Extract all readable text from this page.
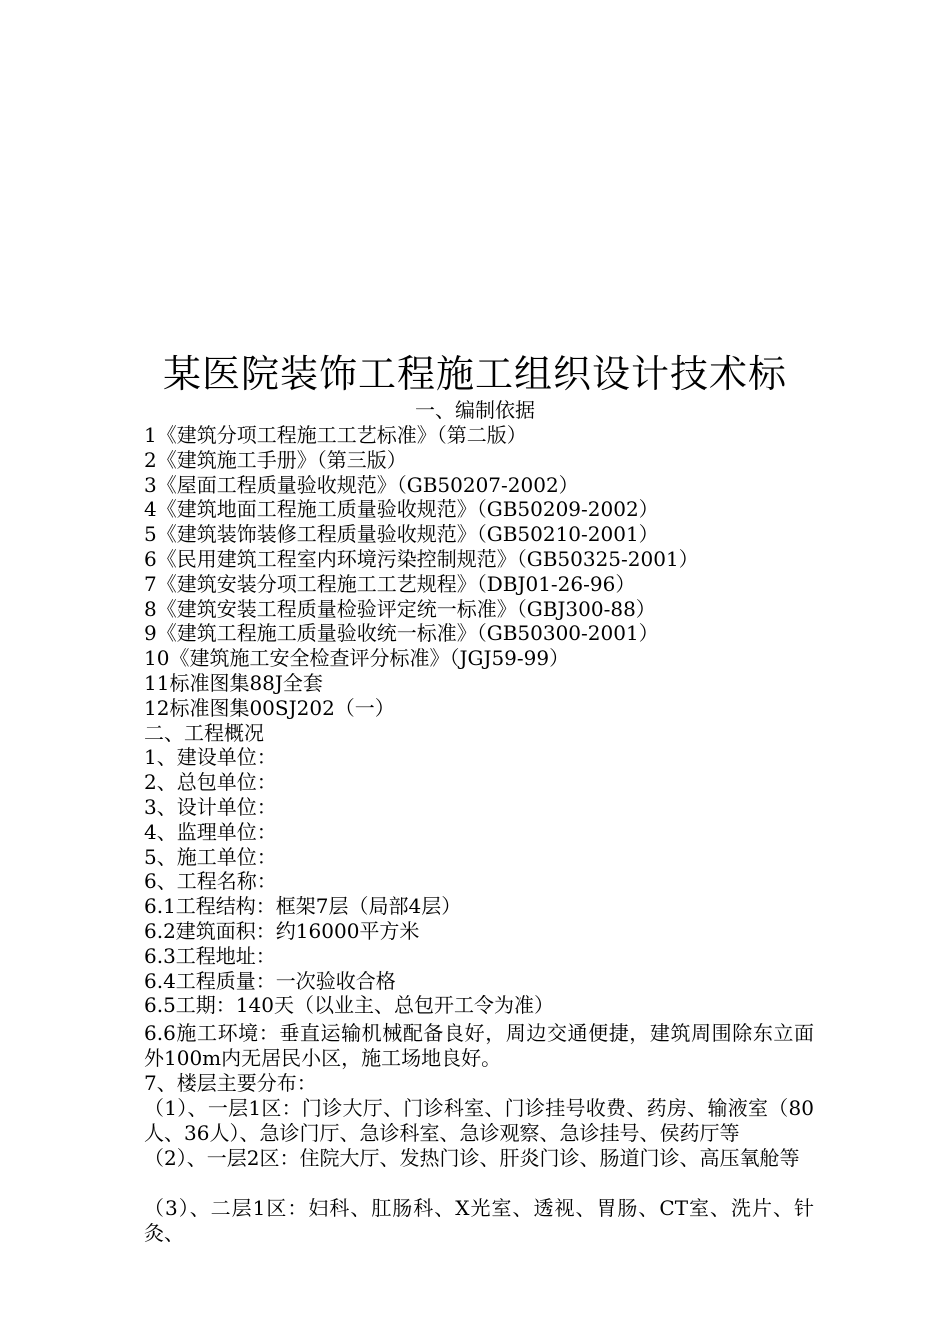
某医院装饰工程施工组织设计技术标
一、编制依据
1《建筑分项工程施工工艺标准》（第二版）
2《建筑施工手册》（第三版）
3《屋面工程质量验收规范》（GB50207-2002）
4《建筑地面工程施工质量验收规范》（GB50209-2002）
5《建筑装饰装修工程质量验收规范》（GB50210-2001）
6《民用建筑工程室内环境污染控制规范》（GB50325-2001）
7《建筑安装分项工程施工工艺规程》（DBJ01-26-96）
8《建筑安装工程质量检验评定统一标准》（GBJ300-88）
9《建筑工程施工质量验收统一标准》（GB50300-2001）
10《建筑施工安全检查评分标准》（JGJ59-99）
11标准图集88J全套
12标准图集00SJ202（一）
二、工程概况
1、建设单位：
2、总包单位：
3、设计单位：
4、监理单位：
5、施工单位：
6、工程名称：
6.1工程结构：框架7层（局部4层）
6.2建筑面积：约16000平方米
6.3工程地址：
6.4工程质量：一次验收合格
6.5工期：140天（以业主、总包开工令为准）

6.6施工环境：垂直运输机械配备良好，周边交通便捷，建筑周围除东立面外100m内无居民小区，施工场地良好。

7、楼层主要分布：

（1）、一层1区：门诊大厅、门诊科室、门诊挂号收费、药房、输液室（80人、36人）、急诊门厅、急诊科室、急诊观察、急诊挂号、侯药厅等

（2）、一层2区：住院大厅、发热门诊、肝炎门诊、肠道门诊、高压氧舱等

（3）、二层1区：妇科、肛肠科、X光室、透视、胃肠、CT室、洗片、针灸、
